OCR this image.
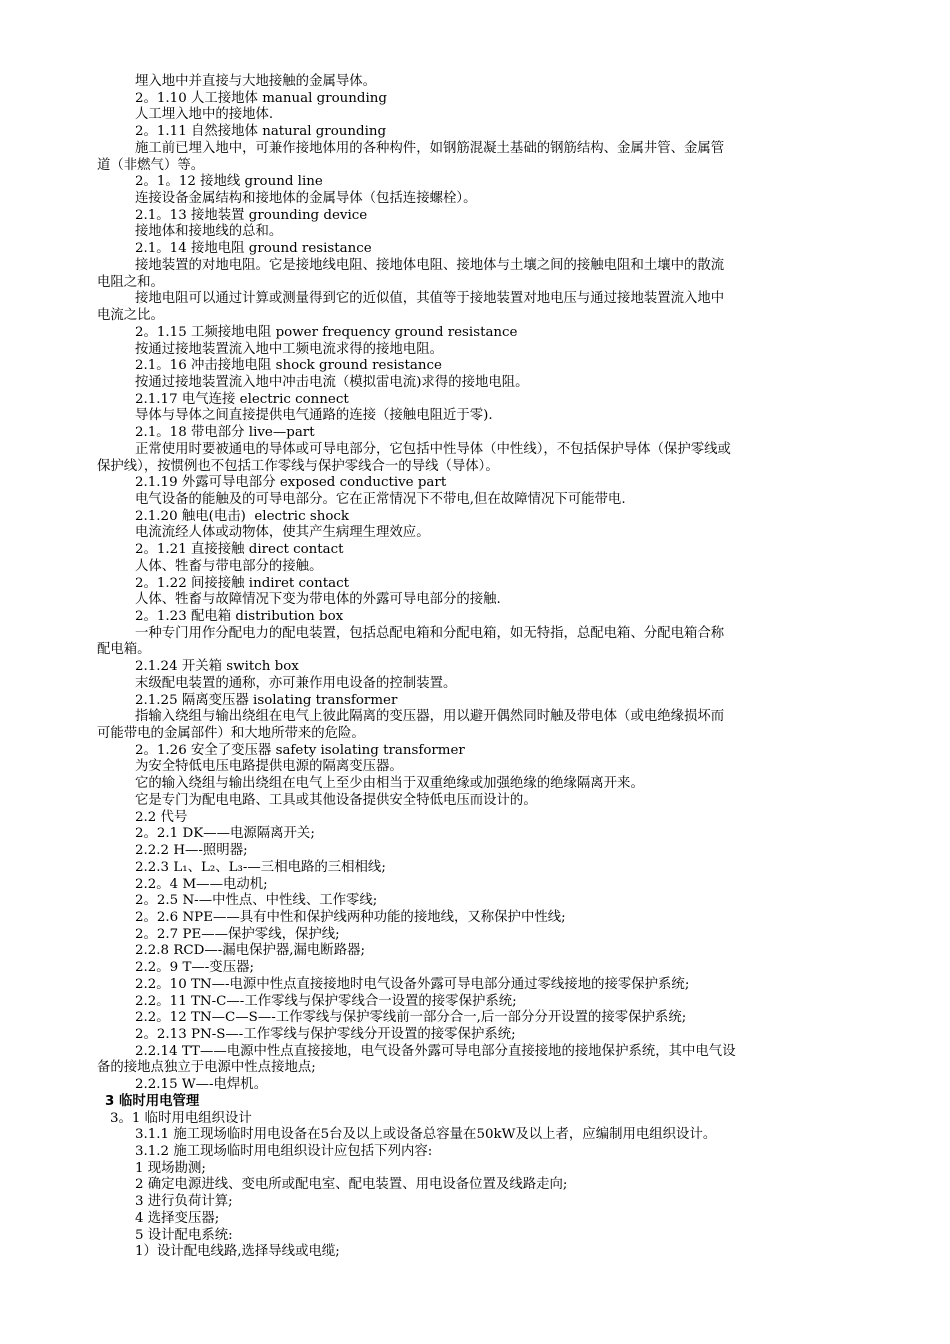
埋入地中并直接与大地接触的金属导体。
2。1.10 人工接地体 manual grounding
人工埋入地中的接地体.
2。1.11 自然接地体 natural grounding
施工前已埋入地中，可兼作接地体用的各种构件，如钢筋混凝土基础的钢筋结构、金属井管、金属管
道（非燃气）等。
2。1。12 接地线 ground line
连接设备金属结构和接地体的金属导体（包括连接螺栓）。
2.1。13 接地装置 grounding device
接地体和接地线的总和。
2.1。14 接地电阻 ground resistance
接地装置的对地电阻。它是接地线电阻、接地体电阻、接地体与土壤之间的接触电阻和土壤中的散流
电阻之和。
接地电阻可以通过计算或测量得到它的近似值，其值等于接地装置对地电压与通过接地装置流入地中
电流之比。
2。1.15 工频接地电阻 power frequency ground resistance
按通过接地装置流入地中工频电流求得的接地电阻。
2.1。16 冲击接地电阻 shock ground resistance
按通过接地装置流入地中冲击电流（模拟雷电流)求得的接地电阻。
2.1.17 电气连接 electric connect
导体与导体之间直接提供电气通路的连接（接触电阻近于零).
2.1。18 带电部分 live—part
正常使用时要被通电的导体或可导电部分，它包括中性导体（中性线），不包括保护导体（保护零线或
保护线），按惯例也不包括工作零线与保护零线合一的导线（导体）。
2.1.19 外露可导电部分 exposed conductive part
电气设备的能触及的可导电部分。它在正常情况下不带电,但在故障情况下可能带电.
2.1.20 触电(电击)  electric shock
电流流经人体或动物体，使其产生病理生理效应。
2。1.21 直接接触 direct contact
人体、牲畜与带电部分的接触。
2。1.22 间接接触 indiret contact
人体、牲畜与故障情况下变为带电体的外露可导电部分的接触.
2。1.23 配电箱 distribution box
一种专门用作分配电力的配电装置，包括总配电箱和分配电箱，如无特指，总配电箱、分配电箱合称
配电箱。
2.1.24 开关箱 switch box
末级配电装置的通称，亦可兼作用电设备的控制装置。
2.1.25 隔离变压器 isolating transformer
指输入绕组与输出绕组在电气上彼此隔离的变压器，用以避开偶然同时触及带电体（或电绝缘损坏而
可能带电的金属部件）和大地所带来的危险。
2。1.26 安全了变压器 safety isolating transformer
为安全特低电压电路提供电源的隔离变压器。
它的输入绕组与输出绕组在电气上至少由相当于双重绝缘或加强绝缘的绝缘隔离开来。
它是专门为配电电路、工具或其他设备提供安全特低电压而设计的。
2.2 代号
2。2.1 DK——电源隔离开关;
2.2.2 H—-照明器;
2.2.3 L₁、L₂、L₃-—三相电路的三相相线;
2.2。4 M——电动机;
2。2.5 N-—中性点、中性线、工作零线;
2。2.6 NPE——具有中性和保护线两种功能的接地线，又称保护中性线;
2。2.7 PE——保护零线，保护线;
2.2.8 RCD—-漏电保护器,漏电断路器;
2.2。9 T—-变压器;
2.2。10 TN—-电源中性点直接接地时电气设备外露可导电部分通过零线接地的接零保护系统;
2.2。11 TN-C—-工作零线与保护零线合一设置的接零保护系统;
2.2。12 TN—C—S—-工作零线与保护零线前一部分合一,后一部分分开设置的接零保护系统;
2。2.13 PN-S—-工作零线与保护零线分开设置的接零保护系统;
2.2.14 TT——电源中性点直接接地，电气设备外露可导电部分直接接地的接地保护系统，其中电气设
备的接地点独立于电源中性点接地点;
2.2.15 W—-电焊机。
3 临时用电管理
3。1 临时用电组织设计
3.1.1 施工现场临时用电设备在5台及以上或设备总容量在50kW及以上者，应编制用电组织设计。
3.1.2 施工现场临时用电组织设计应包括下列内容:
1 现场勘测;
2 确定电源进线、变电所或配电室、配电装置、用电设备位置及线路走向;
3 进行负荷计算;
4 选择变压器;
5 设计配电系统:
1）设计配电线路,选择导线或电缆;
